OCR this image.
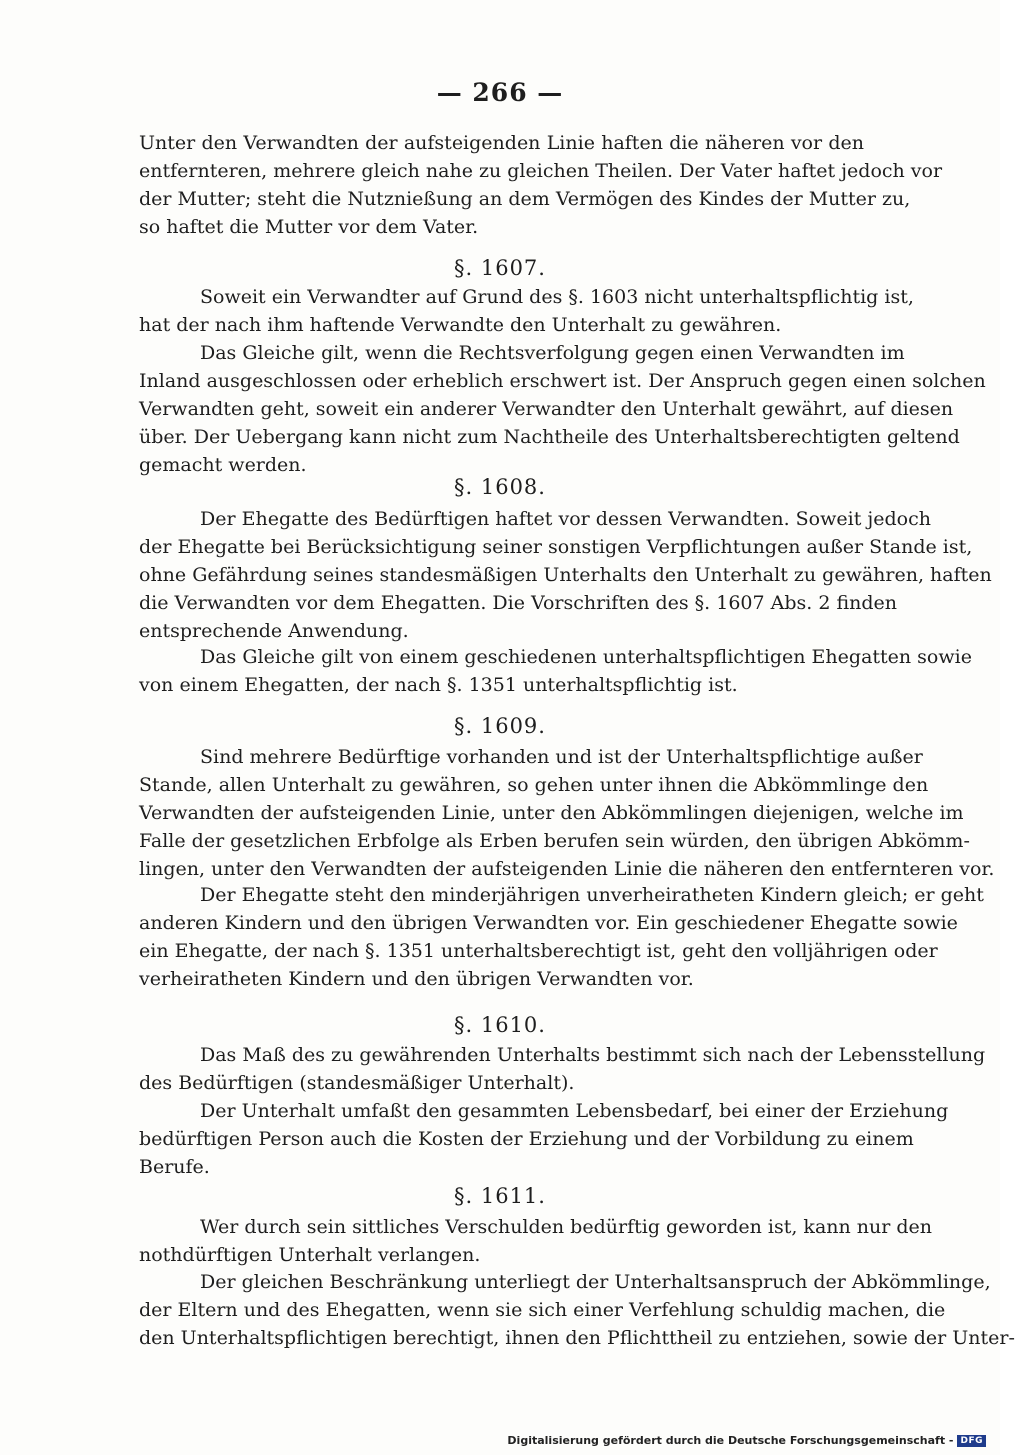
— 266 —
Unter den Verwandten der aufsteigenden Linie haften die näheren vor den
entfernteren, mehrere gleich nahe zu gleichen Theilen. Der Vater haftet jedoch vor
der Mutter; steht die Nutznießung an dem Vermögen des Kindes der Mutter zu,
so haftet die Mutter vor dem Vater.
§. 1607.
Soweit ein Verwandter auf Grund des §. 1603 nicht unterhaltspflichtig ist,
hat der nach ihm haftende Verwandte den Unterhalt zu gewähren.
Das Gleiche gilt, wenn die Rechtsverfolgung gegen einen Verwandten im
Inland ausgeschlossen oder erheblich erschwert ist. Der Anspruch gegen einen solchen
Verwandten geht, soweit ein anderer Verwandter den Unterhalt gewährt, auf diesen
über. Der Uebergang kann nicht zum Nachtheile des Unterhaltsberechtigten geltend
gemacht werden.
§. 1608.
Der Ehegatte des Bedürftigen haftet vor dessen Verwandten. Soweit jedoch
der Ehegatte bei Berücksichtigung seiner sonstigen Verpflichtungen außer Stande ist,
ohne Gefährdung seines standesmäßigen Unterhalts den Unterhalt zu gewähren, haften
die Verwandten vor dem Ehegatten. Die Vorschriften des §. 1607 Abs. 2 finden
entsprechende Anwendung.
Das Gleiche gilt von einem geschiedenen unterhaltspflichtigen Ehegatten sowie
von einem Ehegatten, der nach §. 1351 unterhaltspflichtig ist.
§. 1609.
Sind mehrere Bedürftige vorhanden und ist der Unterhaltspflichtige außer
Stande, allen Unterhalt zu gewähren, so gehen unter ihnen die Abkömmlinge den
Verwandten der aufsteigenden Linie, unter den Abkömmlingen diejenigen, welche im
Falle der gesetzlichen Erbfolge als Erben berufen sein würden, den übrigen Abkömm-
lingen, unter den Verwandten der aufsteigenden Linie die näheren den entfernteren vor.
Der Ehegatte steht den minderjährigen unverheiratheten Kindern gleich; er geht
anderen Kindern und den übrigen Verwandten vor. Ein geschiedener Ehegatte sowie
ein Ehegatte, der nach §. 1351 unterhaltsberechtigt ist, geht den volljährigen oder
verheiratheten Kindern und den übrigen Verwandten vor.
§. 1610.
Das Maß des zu gewährenden Unterhalts bestimmt sich nach der Lebensstellung
des Bedürftigen (standesmäßiger Unterhalt).
Der Unterhalt umfaßt den gesammten Lebensbedarf, bei einer der Erziehung
bedürftigen Person auch die Kosten der Erziehung und der Vorbildung zu einem
Berufe.
§. 1611.
Wer durch sein sittliches Verschulden bedürftig geworden ist, kann nur den
nothdürftigen Unterhalt verlangen.
Der gleichen Beschränkung unterliegt der Unterhaltsanspruch der Abkömmlinge,
der Eltern und des Ehegatten, wenn sie sich einer Verfehlung schuldig machen, die
den Unterhaltspflichtigen berechtigt, ihnen den Pflichttheil zu entziehen, sowie der Unter-
Digitalisierung gefördert durch die Deutsche Forschungsgemeinschaft - DFG
